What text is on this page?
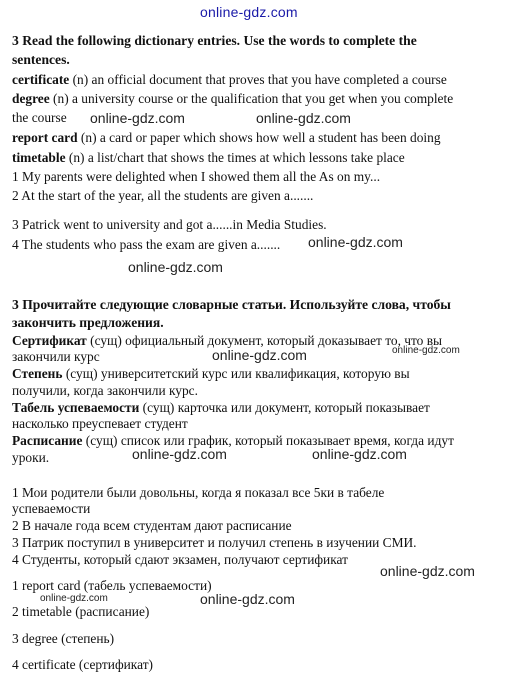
online-gdz.com
3 Read the following dictionary entries. Use the words to complete the
sentences.
certificate (n) an official document that proves that you have completed a course
degree (n) a university course or the qualification that you get when you complete
the course
report card (n) a card or paper which shows how well a student has been doing
timetable (n) a list/chart that shows the times at which lessons take place
1 My parents were delighted when I showed them all the As on my...
2 At the start of the year, all the students are given a.......
3 Patrick went to university and got a......in Media Studies.
4 The students who pass the exam are given a.......
online-gdz.com	online-gdz.com
online-gdz.com
online-gdz.com
3 Прочитайте следующие словарные статьи. Используйте слова, чтобы
закончить предложения.
Сертификат (сущ) официальный документ, который доказывает то, что вы
закончили курс
Степень (сущ) университетский курс или квалификация, которую вы
получили, когда закончили курс.
Табель успеваемости (сущ) карточка или документ, который показывает
насколько преуспевает студент
Расписание (сущ) список или график, который показывает время, когда идут
уроки.
1 Мои родители были довольны, когда я показал все 5ки в табеле
успеваемости
2 В начале года всем студентам дают расписание
3 Патрик поступил в университет и получил степень в изучении СМИ.
4 Студенты, который сдают экзамен, получают сертификат
1 report card (табель успеваемости)
2 timetable (расписание)
3 degree (степень)
4 certificate (сертификат)
online-gdz.com
online-gdz.com
online-gdz.com	online-gdz.com
online-gdz.com
online-gdz.com	online-gdz.com
